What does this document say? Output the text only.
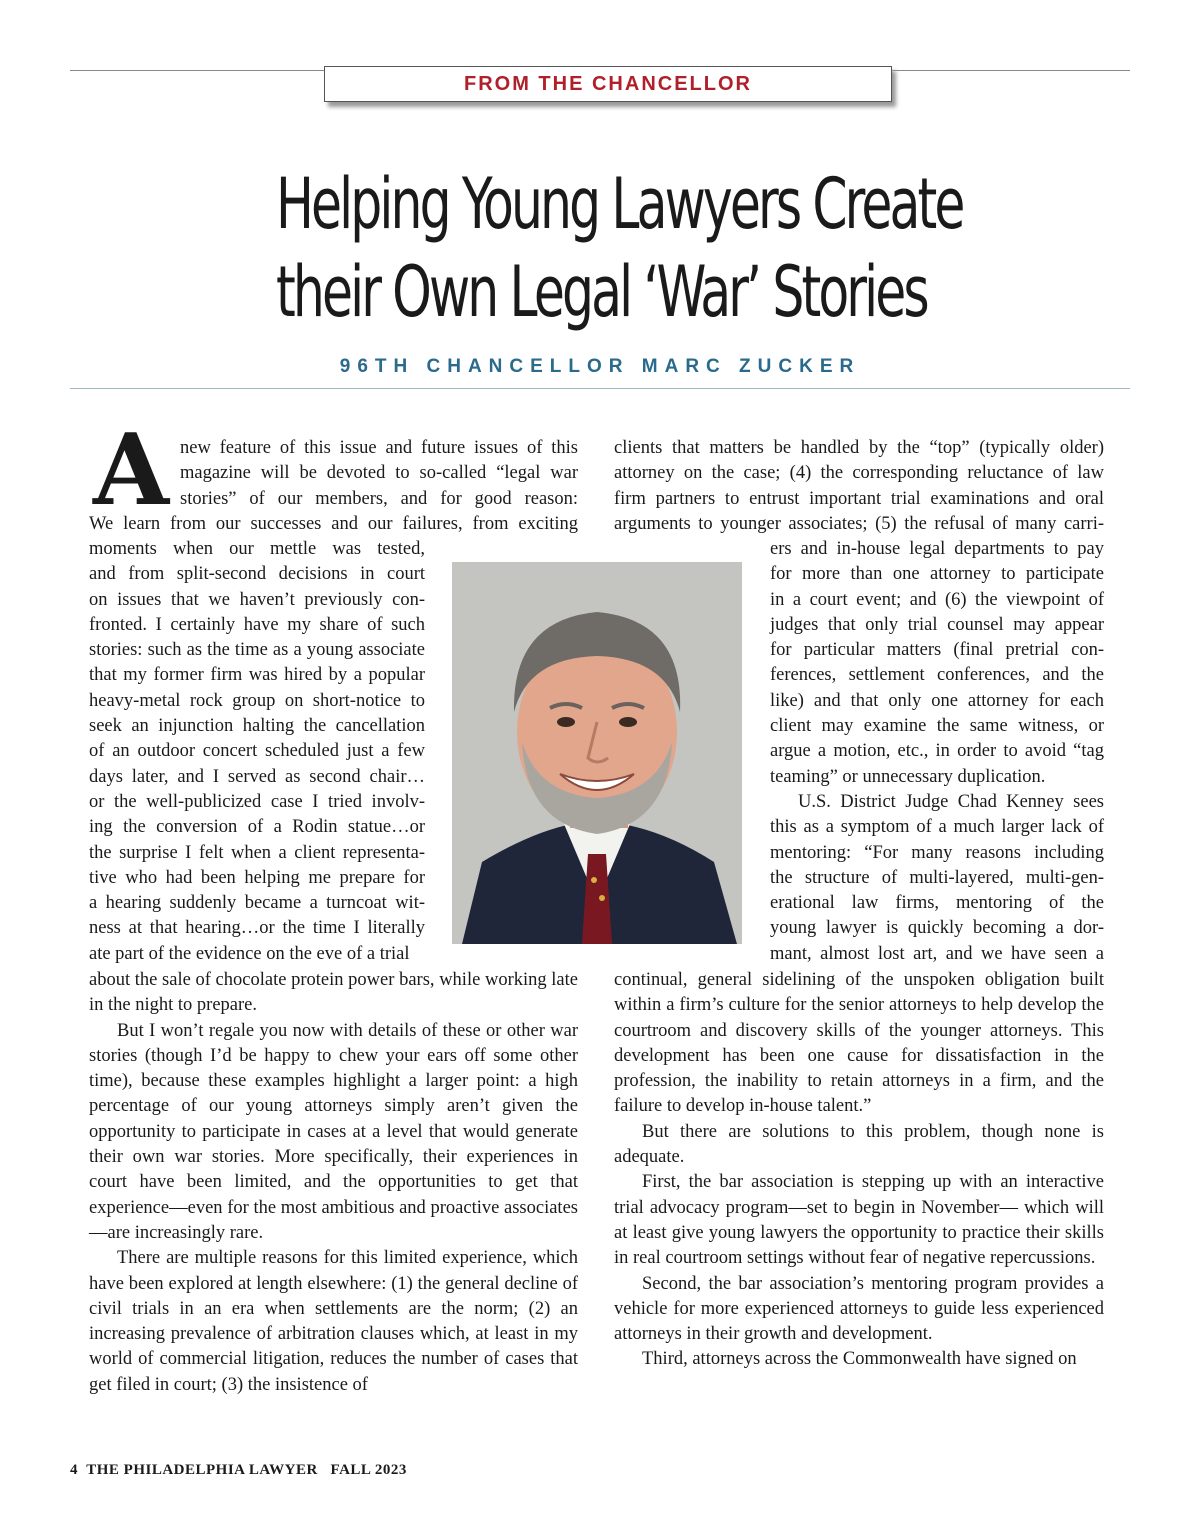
FROM THE CHANCELLOR
Helping Young Lawyers Create
their Own Legal ‘War’ Stories
96TH CHANCELLOR MARC ZUCKER
A new feature of this issue and future issues of this
magazine will be devoted to so-called “legal war
stories” of our members, and for good reason:
We learn from our successes and our failures, from exciting
moments when our mettle was tested,
and from split-second decisions in court
on issues that we haven’t previously con-
fronted. I certainly have my share of such
stories: such as the time as a young associate
that my former firm was hired by a popular
heavy-metal rock group on short-notice to
seek an injunction halting the cancellation
of an outdoor concert scheduled just a few
days later, and I served as second chair…
or the well-publicized case I tried involv-
ing the conversion of a Rodin statue…or
the surprise I felt when a client representa-
tive who had been helping me prepare for
a hearing suddenly became a turncoat wit-
ness at that hearing…or the time I literally
ate part of the evidence on the eve of a trial

about the sale of chocolate protein power bars, while working late in the night to prepare.

But I won’t regale you now with details of these or other war stories (though I’d be happy to chew your ears off some other time), because these examples highlight a larger point: a high percentage of our young attorneys simply aren’t given the opportunity to participate in cases at a level that would generate their own war stories. More specifically, their experiences in court have been limited, and the opportunities to get that experience—even for the most ambitious and proactive associates—are increasingly rare.

There are multiple reasons for this limited experience, which have been explored at length elsewhere: (1) the general decline of civil trials in an era when settlements are the norm; (2) an increasing prevalence of arbitration clauses which, at least in my world of commercial litigation, reduces the number of cases that get filed in court; (3) the insistence of

clients that matters be handled by the “top” (typically older)
attorney on the case; (4) the corresponding reluctance of law
firm partners to entrust important trial examinations and oral
arguments to younger associates; (5) the refusal of many carri-
ers and in-house legal departments to pay
for more than one attorney to participate
in a court event; and (6) the viewpoint of
judges that only trial counsel may appear
for particular matters (final pretrial con-
ferences, settlement conferences, and the
like) and that only one attorney for each
client may examine the same witness, or
argue a motion, etc., in order to avoid “tag
teaming” or unnecessary duplication.
U.S. District Judge Chad Kenney sees
this as a symptom of a much larger lack of
mentoring: “For many reasons including
the structure of multi-layered, multi-gen-
erational law firms, mentoring of the
young lawyer is quickly becoming a dor-
mant, almost lost art, and we have seen a

continual, general sidelining of the unspoken obligation built within a firm’s culture for the senior attorneys to help develop the courtroom and discovery skills of the younger attorneys. This development has been one cause for dissatisfaction in the profession, the inability to retain attorneys in a firm, and the failure to develop in-house talent.”

But there are solutions to this problem, though none is adequate.

First, the bar association is stepping up with an interactive trial advocacy program—set to begin in November— which will at least give young lawyers the opportunity to practice their skills in real courtroom settings without fear of negative repercussions.

Second, the bar association’s mentoring program provides a vehicle for more experienced attorneys to guide less experienced attorneys in their growth and development.

Third, attorneys across the Commonwealth have signed on

4 THE PHILADELPHIA LAWYER FALL 2023
